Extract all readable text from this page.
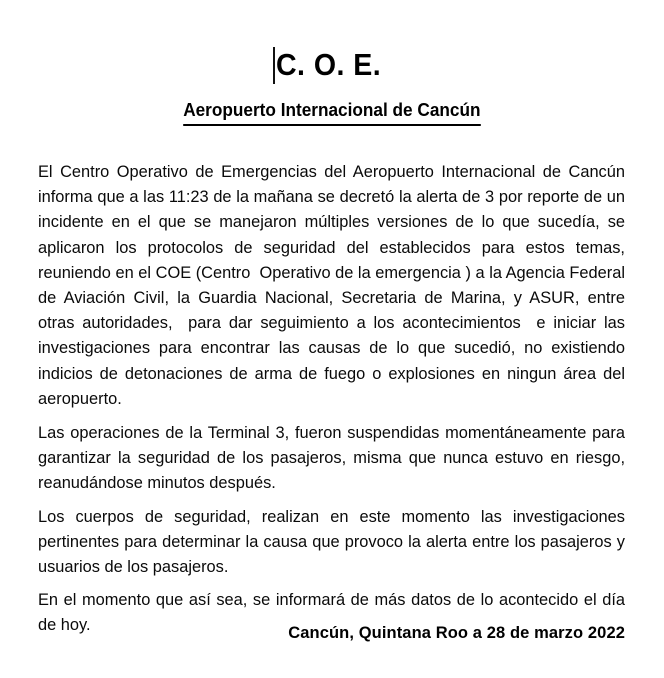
C. O. E.
Aeropuerto Internacional de Cancún

El Centro Operativo de Emergencias del Aeropuerto Internacional de Cancún informa que a las 11:23 de la mañana se decretó la alerta de 3 por reporte de un incidente en el que se manejaron múltiples versiones de lo que sucedía, se aplicaron los protocolos de seguridad del establecidos para estos temas, reuniendo en el COE (Centro  Operativo de la emergencia ) a la Agencia Federal de Aviación Civil, la Guardia Nacional, Secretaria de Marina, y ASUR, entre otras autoridades,  para dar seguimiento a los acontecimientos  e iniciar las investigaciones para encontrar las causas de lo que sucedió, no existiendo indicios de detonaciones de arma de fuego o explosiones en ningun área del aeropuerto.

Las operaciones de la Terminal 3, fueron suspendidas momentáneamente para garantizar la seguridad de los pasajeros, misma que nunca estuvo en riesgo, reanudándose minutos después.

Los cuerpos de seguridad, realizan en este momento las investigaciones pertinentes para determinar la causa que provoco la alerta entre los pasajeros y usuarios de los pasajeros.

En el momento que así sea, se informará de más datos de lo acontecido el día de hoy.	Cancún, Quintana Roo a 28 de marzo 2022
